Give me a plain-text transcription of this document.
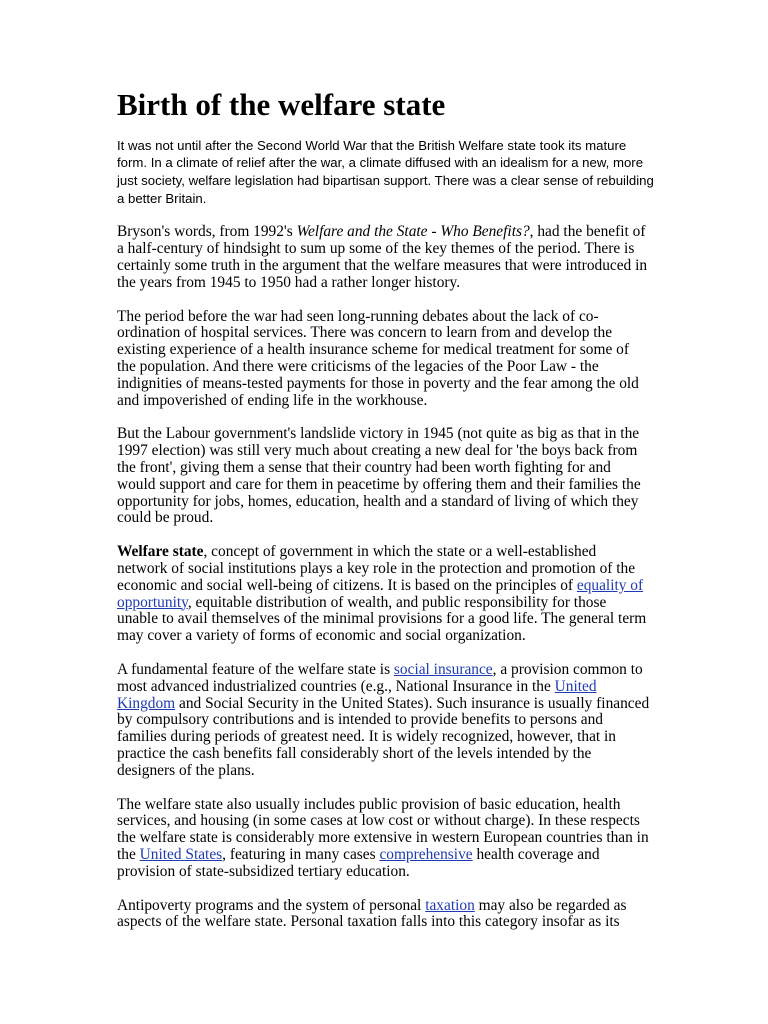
Birth of the welfare state
It was not until after the Second World War that the British Welfare state took its mature
form. In a climate of relief after the war, a climate diffused with an idealism for a new, more
just society, welfare legislation had bipartisan support. There was a clear sense of rebuilding
a better Britain.
Bryson's words, from 1992's Welfare and the State - Who Benefits?, had the benefit of
a half-century of hindsight to sum up some of the key themes of the period. There is
certainly some truth in the argument that the welfare measures that were introduced in
the years from 1945 to 1950 had a rather longer history.
The period before the war had seen long-running debates about the lack of co-
ordination of hospital services. There was concern to learn from and develop the
existing experience of a health insurance scheme for medical treatment for some of
the population. And there were criticisms of the legacies of the Poor Law - the
indignities of means-tested payments for those in poverty and the fear among the old
and impoverished of ending life in the workhouse.
But the Labour government's landslide victory in 1945 (not quite as big as that in the
1997 election) was still very much about creating a new deal for 'the boys back from
the front', giving them a sense that their country had been worth fighting for and
would support and care for them in peacetime by offering them and their families the
opportunity for jobs, homes, education, health and a standard of living of which they
could be proud.
Welfare state, concept of government in which the state or a well-established
network of social institutions plays a key role in the protection and promotion of the
economic and social well-being of citizens. It is based on the principles of equality of
opportunity, equitable distribution of wealth, and public responsibility for those
unable to avail themselves of the minimal provisions for a good life. The general term
may cover a variety of forms of economic and social organization.
A fundamental feature of the welfare state is social insurance, a provision common to
most advanced industrialized countries (e.g., National Insurance in the United
Kingdom and Social Security in the United States). Such insurance is usually financed
by compulsory contributions and is intended to provide benefits to persons and
families during periods of greatest need. It is widely recognized, however, that in
practice the cash benefits fall considerably short of the levels intended by the
designers of the plans.
The welfare state also usually includes public provision of basic education, health
services, and housing (in some cases at low cost or without charge). In these respects
the welfare state is considerably more extensive in western European countries than in
the United States, featuring in many cases comprehensive health coverage and
provision of state-subsidized tertiary education.
Antipoverty programs and the system of personal taxation may also be regarded as
aspects of the welfare state. Personal taxation falls into this category insofar as its
